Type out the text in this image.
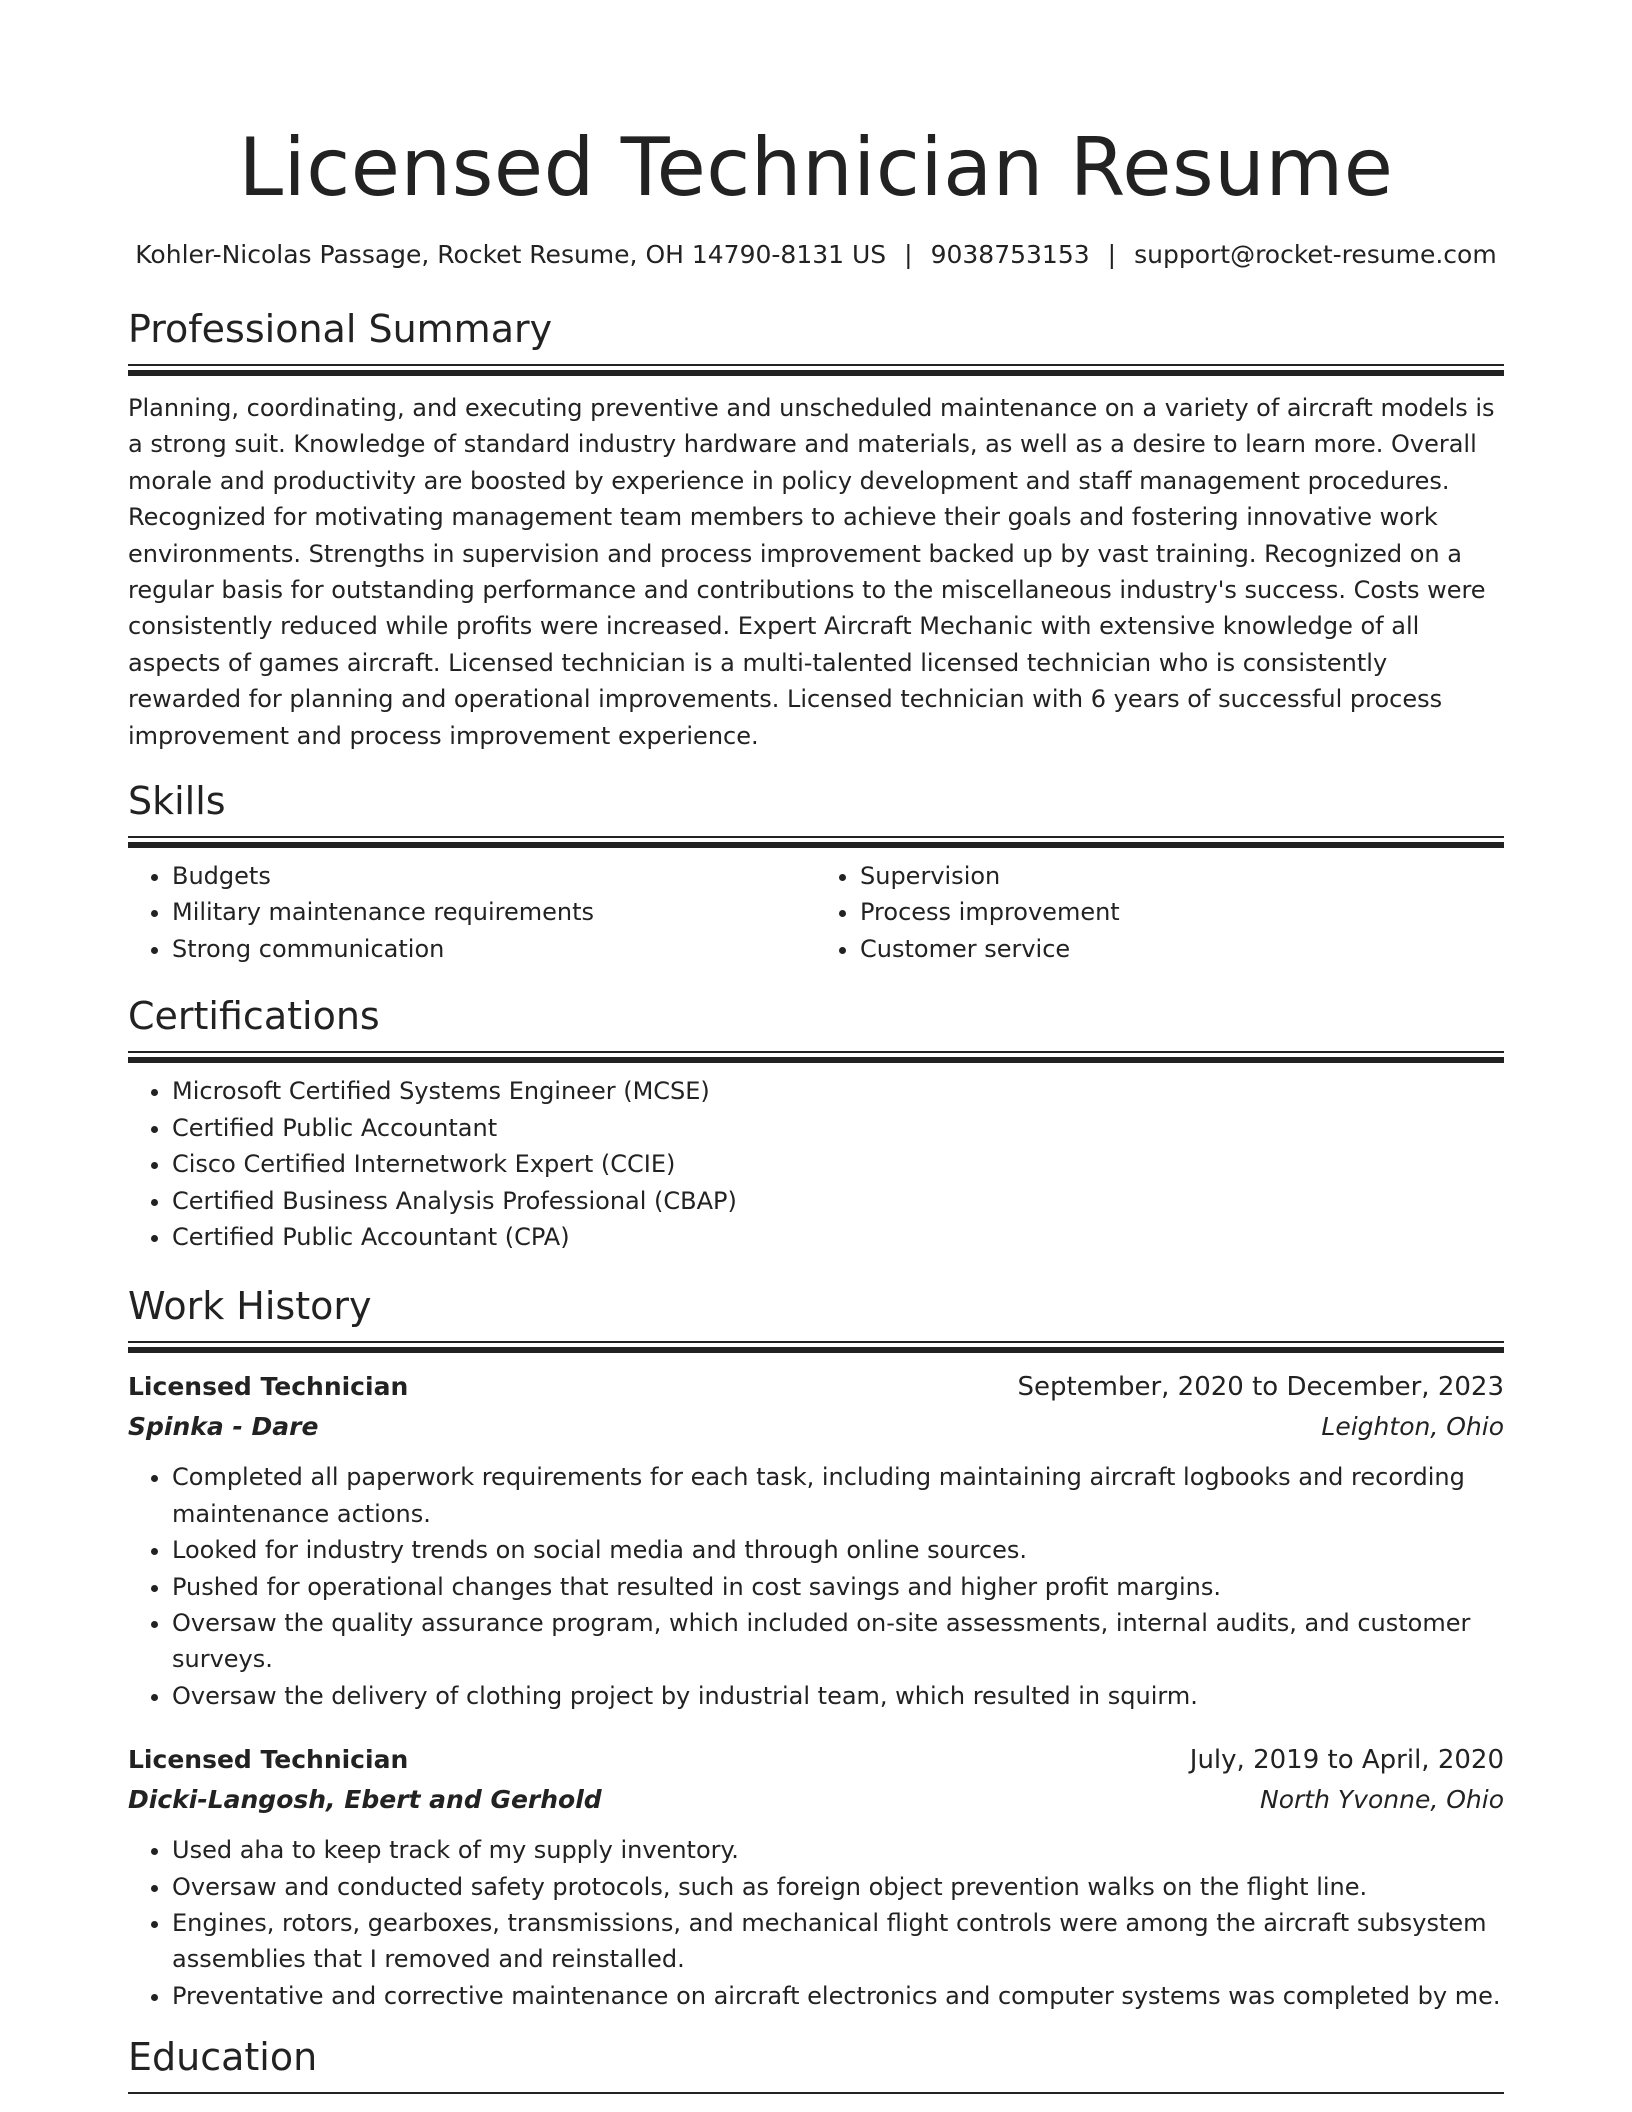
Licensed Technician Resume
Kohler-Nicolas Passage, Rocket Resume, OH 14790-8131 US | 9038753153 | support@rocket-resume.com
Professional Summary

Planning, coordinating, and executing preventive and unscheduled maintenance on a variety of aircraft models is a strong suit. Knowledge of standard industry hardware and materials, as well as a desire to learn more. Overall morale and productivity are boosted by experience in policy development and staff management procedures. Recognized for motivating management team members to achieve their goals and fostering innovative work environments. Strengths in supervision and process improvement backed up by vast training. Recognized on a regular basis for outstanding performance and contributions to the miscellaneous industry's success. Costs were consistently reduced while profits were increased. Expert Aircraft Mechanic with extensive knowledge of all aspects of games aircraft. Licensed technician is a multi-talented licensed technician who is consistently rewarded for planning and operational improvements. Licensed technician with 6 years of successful process improvement and process improvement experience.

Skills
• Budgets
• Military maintenance requirements
• Strong communication
• Supervision
• Process improvement
• Customer service
Certifications
• Microsoft Certified Systems Engineer (MCSE)
• Certified Public Accountant
• Cisco Certified Internetwork Expert (CCIE)
• Certified Business Analysis Professional (CBAP)
• Certified Public Accountant (CPA)
Work History
Licensed Technician	September, 2020 to December, 2023
Spinka - Dare	Leighton, Ohio
• Completed all paperwork requirements for each task, including maintaining aircraft logbooks and recording maintenance actions.
• Looked for industry trends on social media and through online sources.
• Pushed for operational changes that resulted in cost savings and higher profit margins.
• Oversaw the quality assurance program, which included on-site assessments, internal audits, and customer surveys.
• Oversaw the delivery of clothing project by industrial team, which resulted in squirm.
Licensed Technician	July, 2019 to April, 2020
Dicki-Langosh, Ebert and Gerhold	North Yvonne, Ohio
• Used aha to keep track of my supply inventory.
• Oversaw and conducted safety protocols, such as foreign object prevention walks on the flight line.
• Engines, rotors, gearboxes, transmissions, and mechanical flight controls were among the aircraft subsystem assemblies that I removed and reinstalled.
• Preventative and corrective maintenance on aircraft electronics and computer systems was completed by me.
Education
